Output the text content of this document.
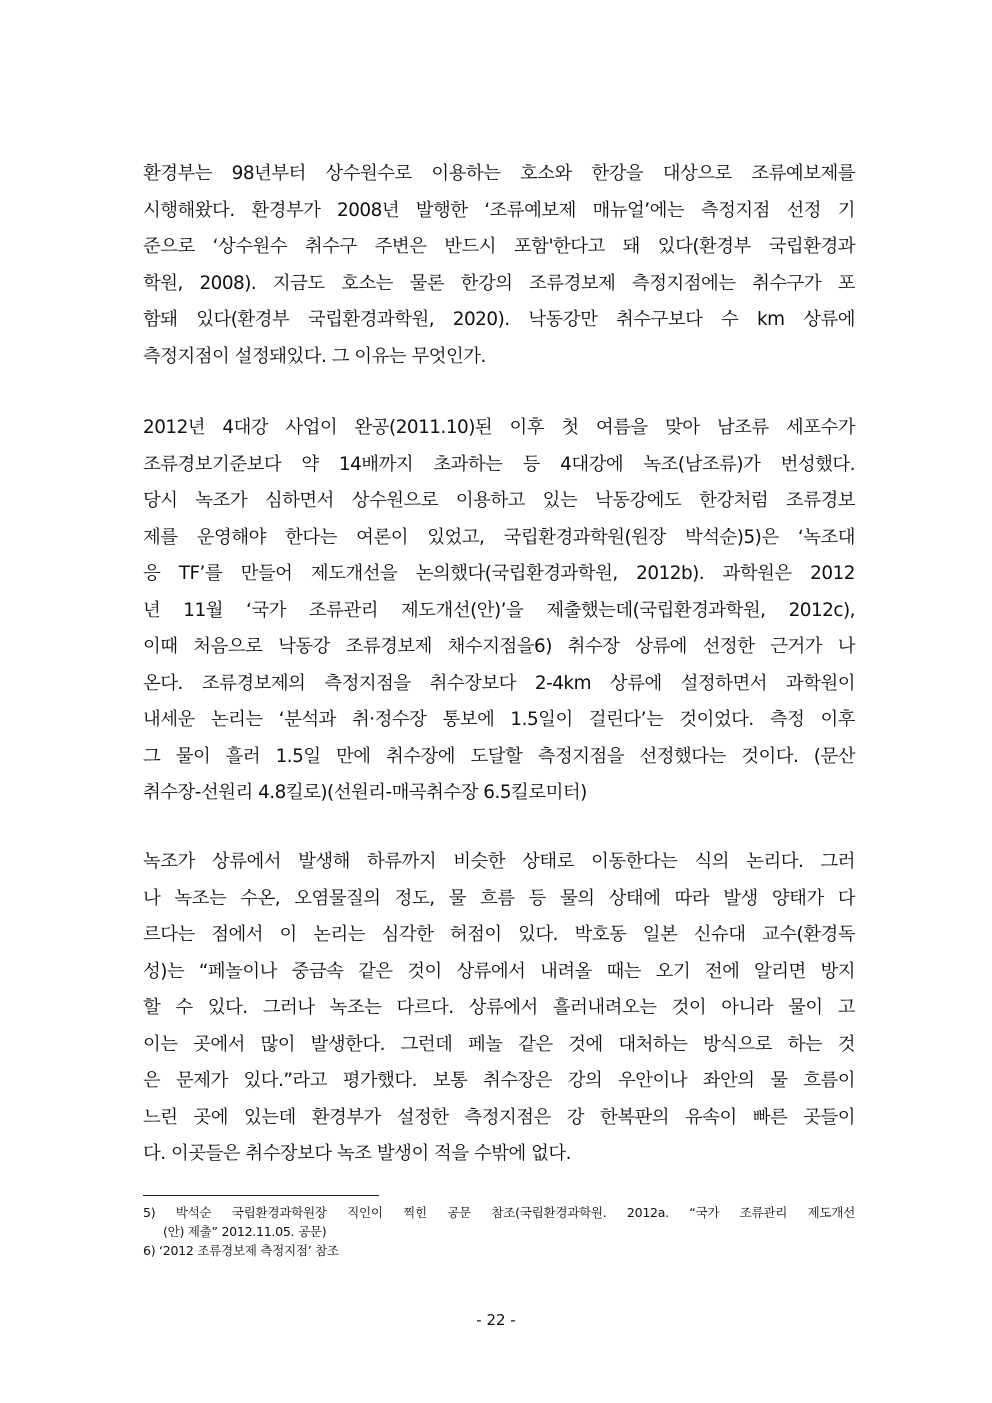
환경부는 98년부터 상수원수로 이용하는 호소와 한강을 대상으로 조류예보제를
시행해왔다. 환경부가 2008년 발행한 ‘조류예보제 매뉴얼’에는 측정지점 선정 기
준으로 ‘상수원수 취수구 주변은 반드시 포함'한다고 돼 있다(환경부 국립환경과
학원, 2008). 지금도 호소는 물론 한강의 조류경보제 측정지점에는 취수구가 포
함돼 있다(환경부 국립환경과학원, 2020). 낙동강만 취수구보다 수 km 상류에
측정지점이 설정돼있다. 그 이유는 무엇인가.
2012년 4대강 사업이 완공(2011.10)된 이후 첫 여름을 맞아 남조류 세포수가
조류경보기준보다 약 14배까지 초과하는 등 4대강에 녹조(남조류)가 번성했다.
당시 녹조가 심하면서 상수원으로 이용하고 있는 낙동강에도 한강처럼 조류경보
제를 운영해야 한다는 여론이 있었고, 국립환경과학원(원장 박석순)5)은 ‘녹조대
응 TF’를 만들어 제도개선을 논의했다(국립환경과학원, 2012b). 과학원은 2012
년 11월 ‘국가 조류관리 제도개선(안)’을 제출했는데(국립환경과학원, 2012c),
이때 처음으로 낙동강 조류경보제 채수지점을6) 취수장 상류에 선정한 근거가 나
온다. 조류경보제의 측정지점을 취수장보다 2-4km 상류에 설정하면서 과학원이
내세운 논리는 ‘분석과 취·정수장 통보에 1.5일이 걸린다’는 것이었다. 측정 이후
그 물이 흘러 1.5일 만에 취수장에 도달할 측정지점을 선정했다는 것이다. (문산
취수장-선원리 4.8킬로)(선원리-매곡취수장 6.5킬로미터)
녹조가 상류에서 발생해 하류까지 비슷한 상태로 이동한다는 식의 논리다. 그러
나 녹조는 수온, 오염물질의 정도, 물 흐름 등 물의 상태에 따라 발생 양태가 다
르다는 점에서 이 논리는 심각한 허점이 있다. 박호동 일본 신슈대 교수(환경독
성)는 “페놀이나 중금속 같은 것이 상류에서 내려올 때는 오기 전에 알리면 방지
할 수 있다. 그러나 녹조는 다르다. 상류에서 흘러내려오는 것이 아니라 물이 고
이는 곳에서 많이 발생한다. 그런데 페놀 같은 것에 대처하는 방식으로 하는 것
은 문제가 있다.”라고 평가했다. 보통 취수장은 강의 우안이나 좌안의 물 흐름이
느린 곳에 있는데 환경부가 설정한 측정지점은 강 한복판의 유속이 빠른 곳들이
다. 이곳들은 취수장보다 녹조 발생이 적을 수밖에 없다.
5) 박석순 국립환경과학원장 직인이 찍힌 공문 참조(국립환경과학원. 2012a. “국가 조류관리 제도개선
(안) 제출” 2012.11.05. 공문)
6) ‘2012 조류경보제 측정지점’ 참조
- 22 -
